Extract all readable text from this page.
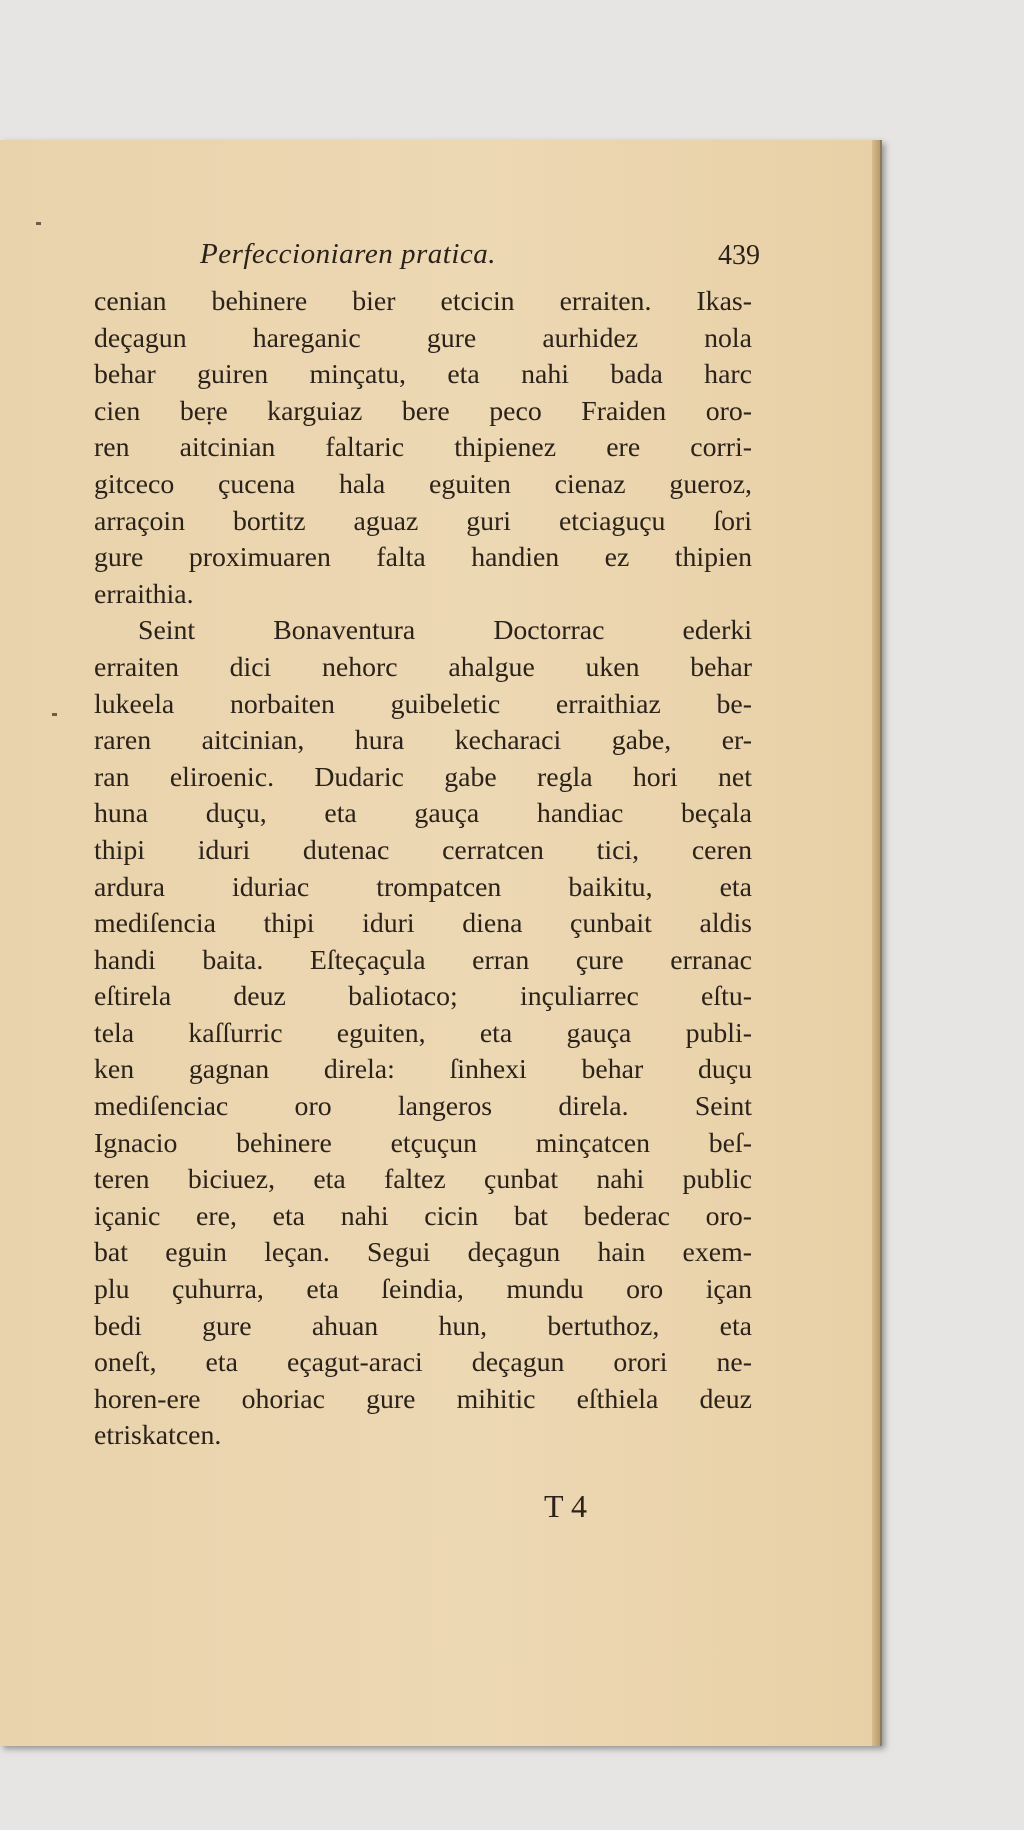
Perfeccioniaren pratica.	439
cenian behinere bier etcicin erraiten. Ikas-
deçagun hareganic gure aurhidez nola
behar guiren minçatu, eta nahi bada harc
cien beṛe karguiaz bere peco Fraiden oro-
ren aitcinian faltaric thipienez ere corri-
gitceco çucena hala eguiten cienaz gueroz,
arraçoin bortitz aguaz guri etciaguçu ſori
gure proximuaren falta handien ez thipien
erraithia.
Seint Bonaventura Doctorrac ederki
erraiten dici nehorc ahalgue uken behar
lukeela norbaiten guibeletic erraithiaz be-
raren aitcinian, hura kecharaci gabe, er-
ran eliroenic. Dudaric gabe regla hori net
huna duçu, eta gauça handiac beçala
thipi iduri dutenac cerratcen tici, ceren
ardura iduriac trompatcen baikitu, eta
mediſencia thipi iduri diena çunbait aldis
handi baita. Eſteçaçula erran çure erranac
eſtirela deuz baliotaco; inçuliarrec eſtu-
tela kaſſurric eguiten, eta gauça publi-
ken gagnan direla: ſinhexi behar duçu
mediſenciac oro langeros direla. Seint
Ignacio behinere etçuçun minçatcen beſ-
teren biciuez, eta faltez çunbat nahi public
içanic ere, eta nahi cicin bat bederac oro-
bat eguin leçan. Segui deçagun hain exem-
plu çuhurra, eta ſeindia, mundu oro içan
bedi gure ahuan hun, bertuthoz, eta
oneſt, eta eçagut-araci deçagun orori ne-
horen-ere ohoriac gure mihitic eſthiela deuz
etriskatcen.
T 4
